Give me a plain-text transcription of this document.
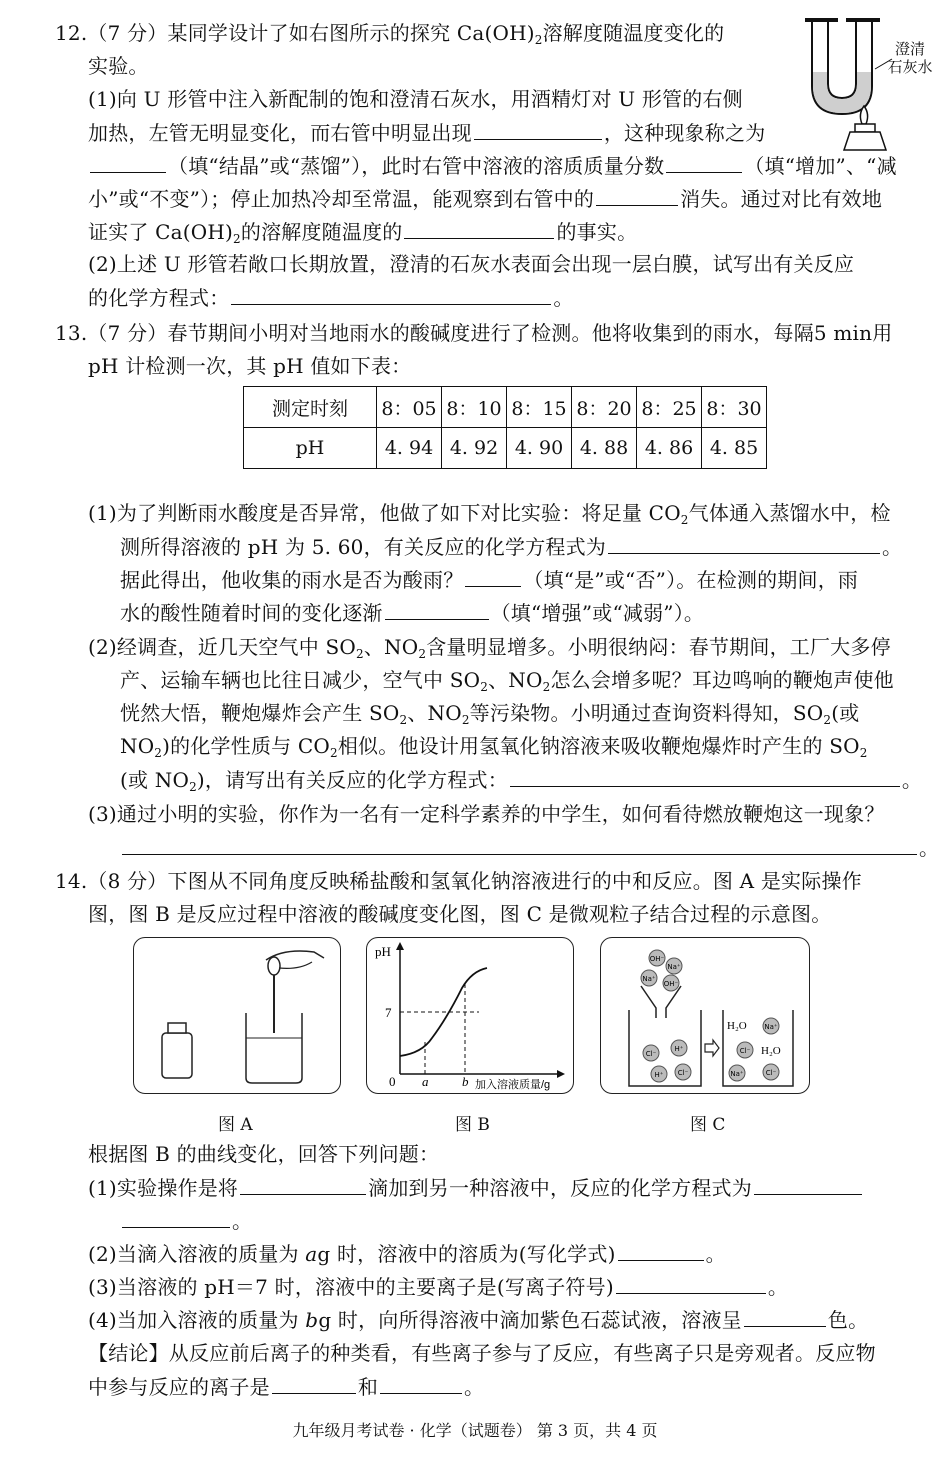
12.（7 分）某同学设计了如右图所示的探究 $Ca(OH)_2$溶解度随温度变化的
实验。
(1)向 U 形管中注入新配制的饱和澄清石灰水，用酒精灯对 U 形管的右侧
加热，左管无明显变化，而右管中明显出现	，这种现象称之为
（填“结晶”或“蒸馏”），此时右管中溶液的溶质质量分数	（填“增加”、“减
小”或“不变”）；停止加热冷却至常温，能观察到右管中的	消失。通过对比有效地
证实了 $Ca(OH)_2$的溶解度随温度的	的事实。
(2)上述 U 形管若敞口长期放置，澄清的石灰水表面会出现一层白膜，试写出有关反应
的化学方程式：	。
澄清
石灰水
13.（7 分）春节期间小明对当地雨水的酸碱度进行了检测。他将收集到的雨水，每隔5 min用
pH 计检测一次，其 pH 值如下表：
测定时刻	8：05	8：10	8：15	8：20	8：25	8：30
pH	4. 94	4. 92	4. 90	4. 88	4. 86	4. 85
(1)为了判断雨水酸度是否异常，他做了如下对比实验：将足量 $CO_2$气体通入蒸馏水中，检
测所得溶液的 pH 为 5. 60，有关反应的化学方程式为	。
据此得出，他收集的雨水是否为酸雨？	（填“是”或“否”）。在检测的期间，雨
水的酸性随着时间的变化逐渐	（填“增强”或“减弱”）。
(2)经调查，近几天空气中 $SO_2$、$NO_2$含量明显增多。小明很纳闷：春节期间，工厂大多停
产、运输车辆也比往日减少，空气中 $SO_2$、$NO_2$怎么会增多呢？耳边鸣响的鞭炮声使他
恍然大悟，鞭炮爆炸会产生 $SO_2$、$NO_2$等污染物。小明通过查询资料得知，$SO_2$(或
$NO_2$)的化学性质与 $CO_2$相似。他设计用氢氧化钠溶液来吸收鞭炮爆炸时产生的 $SO_2$
(或 $NO_2$)，请写出有关反应的化学方程式：	。
(3)通过小明的实验，你作为一名有一定科学素养的中学生，如何看待燃放鞭炮这一现象？
。
14.（8 分）下图从不同角度反映稀盐酸和氢氧化钠溶液进行的中和反应。图 A 是实际操作
图，图 B 是反应过程中溶液的酸碱度变化图，图 C 是微观粒子结合过程的示意图。
图 A
pH
7
0 a	b 加入溶液质量/g
图 B
OH⁻
Na⁺
Na⁺
OH⁻
Cl⁻
H⁺
H⁺ Cl⁻
Na⁺
Cl⁻
Na⁺	Cl⁻
H₂O
H₂O
图 C
根据图 B 的曲线变化，回答下列问题：
(1)实验操作是将	滴加到另一种溶液中，反应的化学方程式为
。
(2)当滴入溶液的质量为 ag 时，溶液中的溶质为(写化学式)	。
(3)当溶液的 pH＝7 时，溶液中的主要离子是(写离子符号)	。
(4)当加入溶液的质量为 bg 时，向所得溶液中滴加紫色石蕊试液，溶液呈	色。
【结论】从反应前后离子的种类看，有些离子参与了反应，有些离子只是旁观者。反应物
中参与反应的离子是	和	。
九年级月考试卷 · 化学（试题卷） 第 3 页，共 4 页
